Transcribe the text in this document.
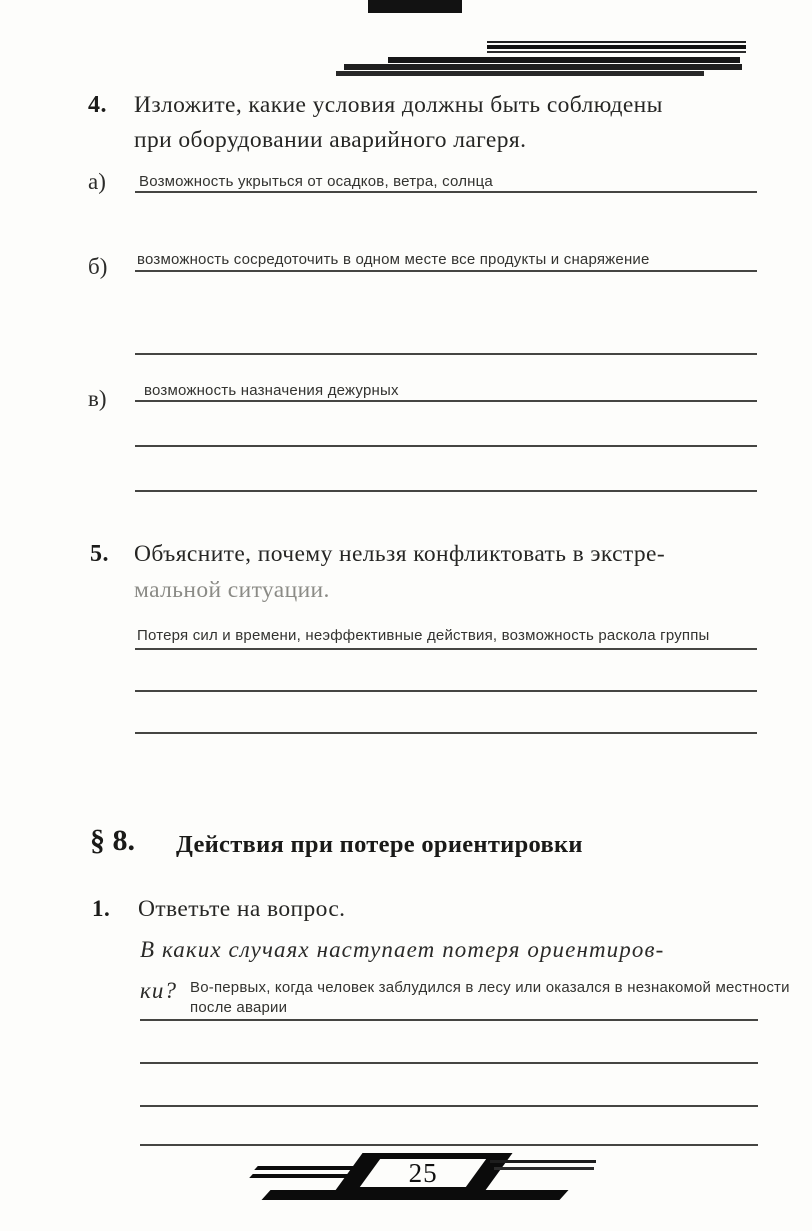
4. Изложите, какие условия должны быть соблюдены
при оборудовании аварийного лагеря.
а) Возможность укрыться от осадков, ветра, солнца
б) возможность сосредоточить в одном месте все продукты и снаряжение
в) возможность назначения дежурных
5. Объясните, почему нельзя конфликтовать в экстре-
мальной ситуации.
Потеря сил и времени, неэффективные действия, возможность раскола группы
§ 8. Действия при потере ориентировки
1. Ответьте на вопрос.
В каких случаях наступает потеря ориентиров-
ки? Во-первых, когда человек заблудился в лесу или оказался в незнакомой местности
после аварии
25
